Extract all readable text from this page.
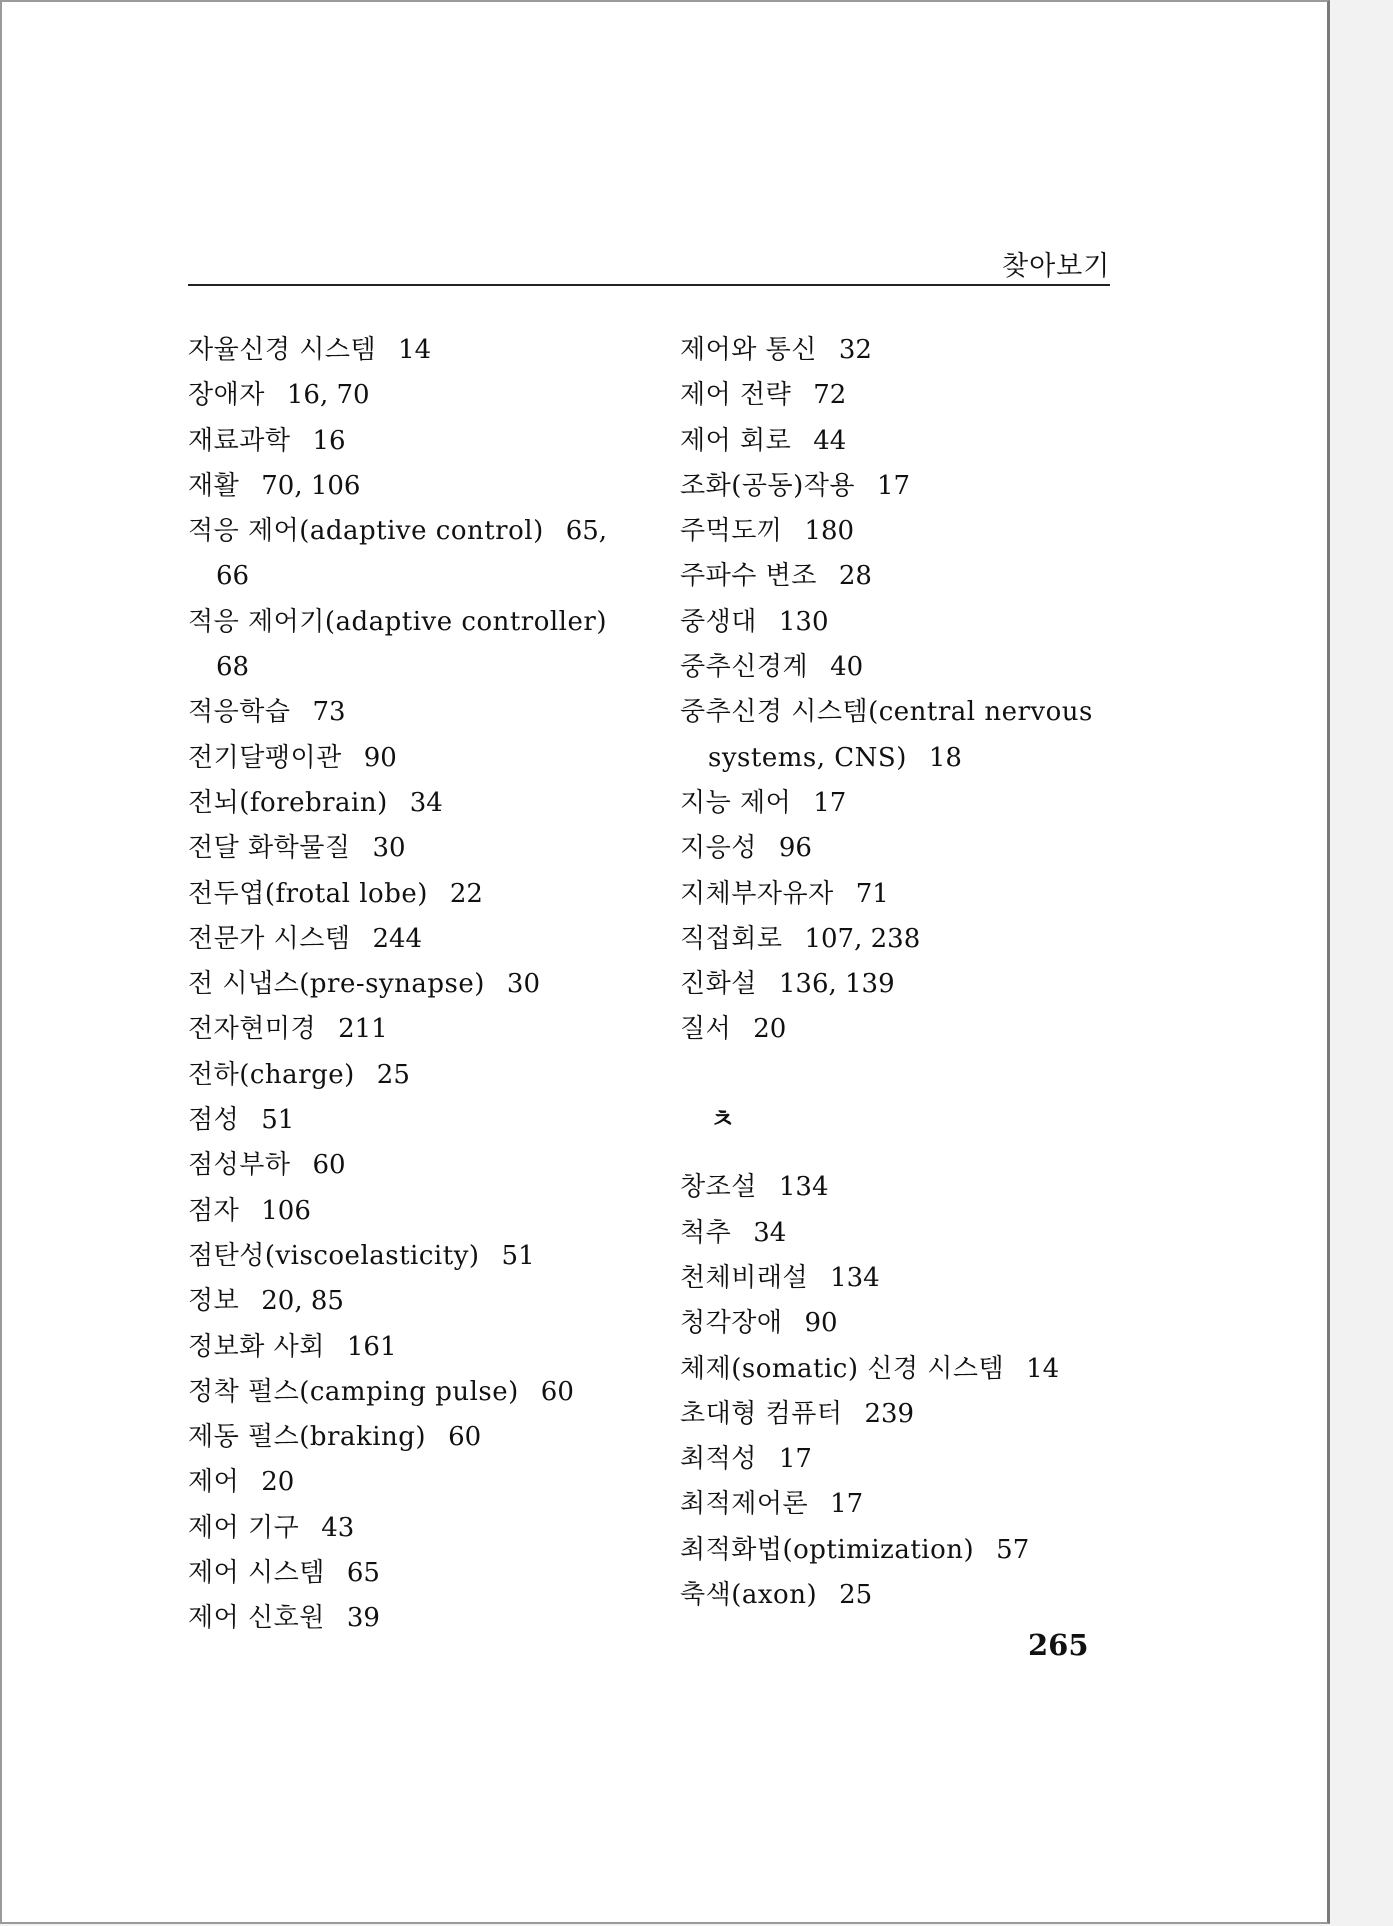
찾아보기
자율신경 시스템 14
장애자 16, 70
재료과학 16
재활 70, 106
적응 제어(adaptive control) 65,
66
적응 제어기(adaptive controller)
68
적응학습 73
전기달팽이관 90
전뇌(forebrain) 34
전달 화학물질 30
전두엽(frotal lobe) 22
전문가 시스템 244
전 시냅스(pre-synapse) 30
전자현미경 211
전하(charge) 25
점성 51
점성부하 60
점자 106
점탄성(viscoelasticity) 51
정보 20, 85
정보화 사회 161
정착 펄스(camping pulse) 60
제동 펄스(braking) 60
제어 20
제어 기구 43
제어 시스템 65
제어 신호원 39
제어와 통신 32
제어 전략 72
제어 회로 44
조화(공동)작용 17
주먹도끼 180
주파수 변조 28
중생대 130
중추신경계 40
중추신경 시스템(central nervous
systems, CNS) 18
지능 제어 17
지응성 96
지체부자유자 71
직접회로 107, 238
진화설 136, 139
질서 20
ㅊ
창조설 134
척추 34
천체비래설 134
청각장애 90
체제(somatic) 신경 시스템 14
초대형 컴퓨터 239
최적성 17
최적제어론 17
최적화법(optimization) 57
축색(axon) 25
265
